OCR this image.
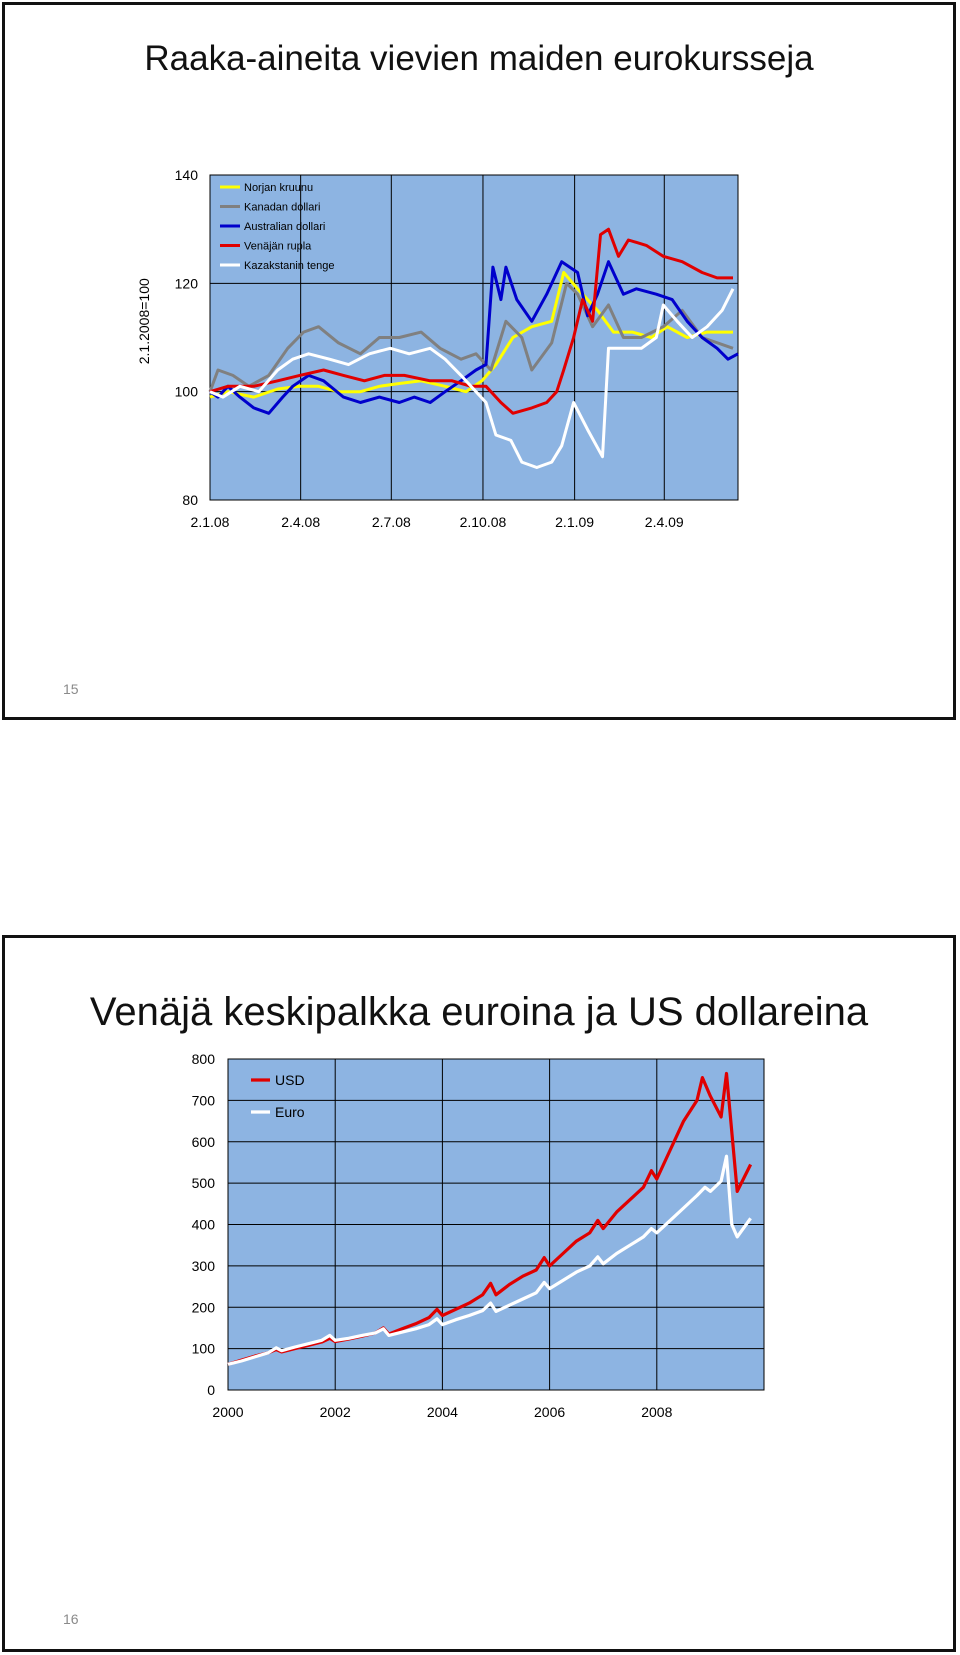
Raaka-aineita vievien maiden eurokursseja
80
100
120
140
2.1.08	2.4.08	2.7.08	2.10.08	2.1.09	2.4.09
2.1.2008=100
Norjan kruunu
Kanadan dollari
Australian dollari
Venäjän rupla
Kazakstanin tenge
15
Venäjä keskipalkka euroina ja US dollareina
0
100
200
300
400
500
600
700
800
2000	2002	2004	2006	2008
USD
Euro
16
